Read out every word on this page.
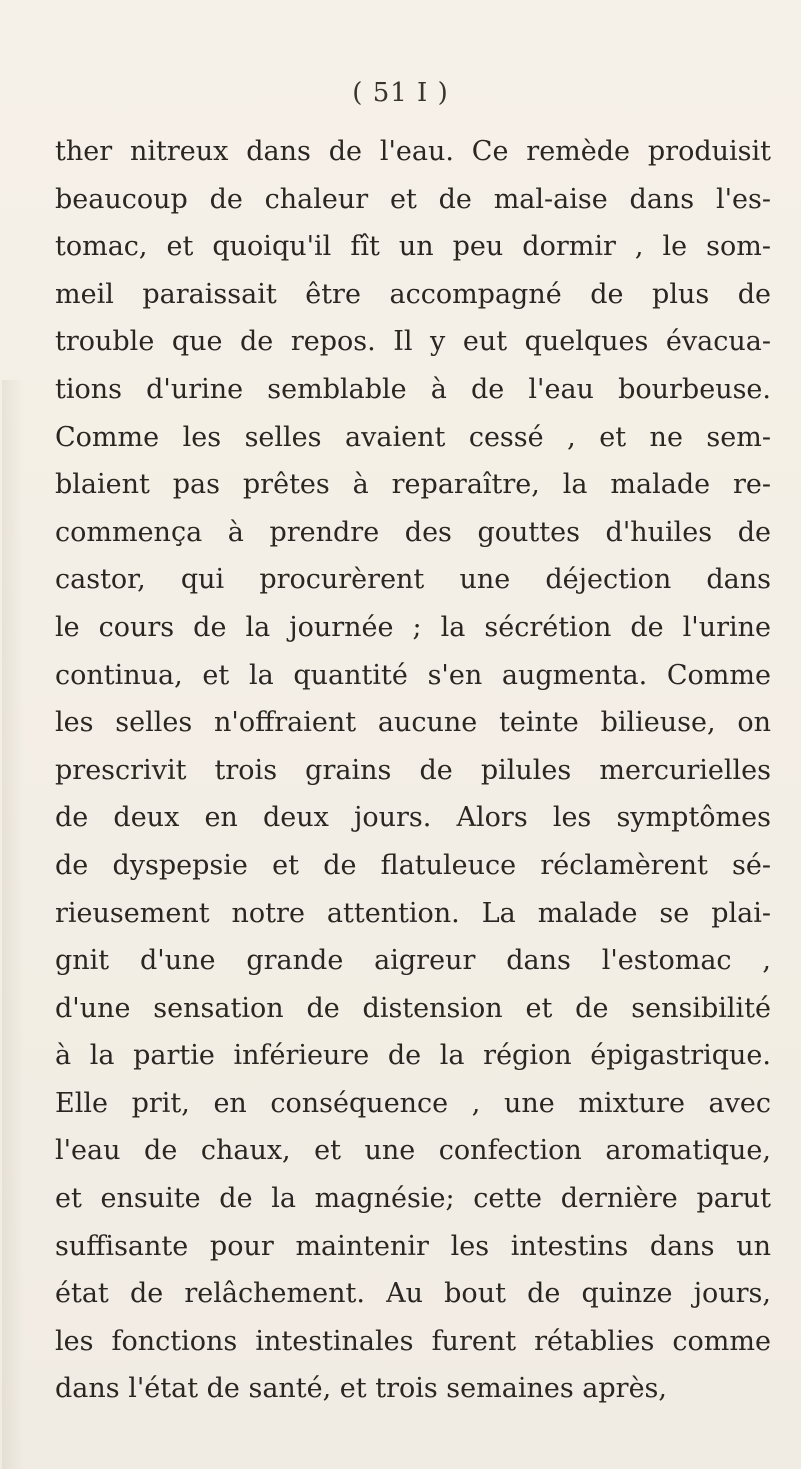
( 51 I )
ther nitreux dans de l'eau. Ce remède produisit
beaucoup de chaleur et de mal-aise dans l'es-
tomac, et quoiqu'il fît un peu dormir , le som-
meil paraissait être accompagné de plus de
trouble que de repos. Il y eut quelques évacua-
tions d'urine semblable à de l'eau bourbeuse.
Comme les selles avaient cessé , et ne sem-
blaient pas prêtes à reparaître, la malade re-
commença à prendre des gouttes d'huiles de
castor, qui procurèrent une déjection dans
le cours de la journée ; la sécrétion de l'urine
continua, et la quantité s'en augmenta. Comme
les selles n'offraient aucune teinte bilieuse, on
prescrivit trois grains de pilules mercurielles
de deux en deux jours. Alors les symptômes
de dyspepsie et de flatuleuce réclamèrent sé-
rieusement notre attention. La malade se plai-
gnit d'une grande aigreur dans l'estomac ,
d'une sensation de distension et de sensibilité
à la partie inférieure de la région épigastrique.
Elle prit, en conséquence , une mixture avec
l'eau de chaux, et une confection aromatique,
et ensuite de la magnésie; cette dernière parut
suffisante pour maintenir les intestins dans un
état de relâchement. Au bout de quinze jours,
les fonctions intestinales furent rétablies comme
dans l'état de santé, et trois semaines après,
